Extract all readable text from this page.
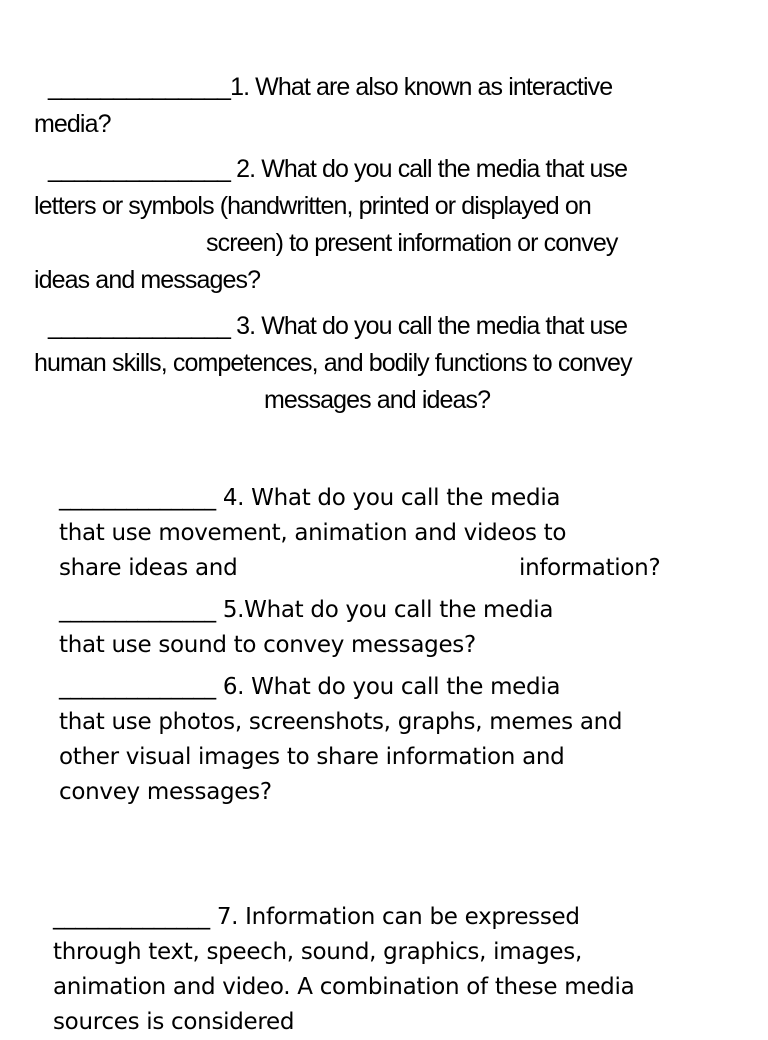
______________1. What are also known as interactive
media?
______________ 2. What do you call the media that use
letters or symbols (handwritten, printed or displayed on
screen) to present information or convey
ideas and messages?
______________ 3. What do you call the media that use
human skills, competences, and bodily functions to convey
messages and ideas?
______________ 4. What do you call the media
that use movement, animation and videos to
share ideas and	information?
______________ 5.What do you call the media
that use sound to convey messages?
______________ 6. What do you call the media
that use photos, screenshots, graphs, memes and
other visual images to share information and
convey messages?
______________ 7. Information can be expressed
through text, speech, sound, graphics, images,
animation and video. A combination of these media
sources is considered
